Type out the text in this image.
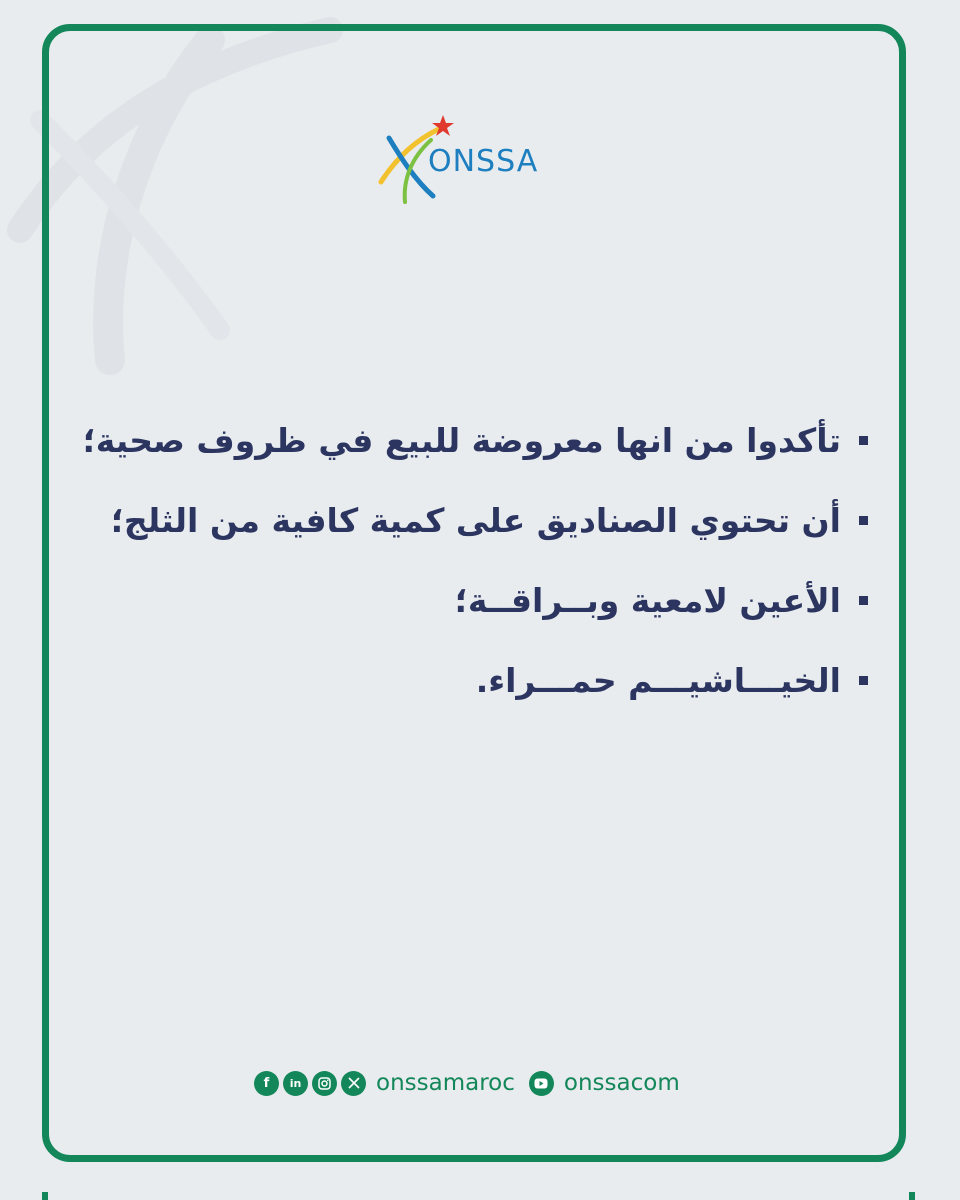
ONSSA
تأكدوا من انها معروضة للبيع في ظروف صحية؛
أن تحتوي الصناديق على كمية كافية من الثلج؛
الأعين لامعية وبــراقــة؛
الخيـــاشيـــم حمـــراء.
f	in	onssamaroc onssacom
